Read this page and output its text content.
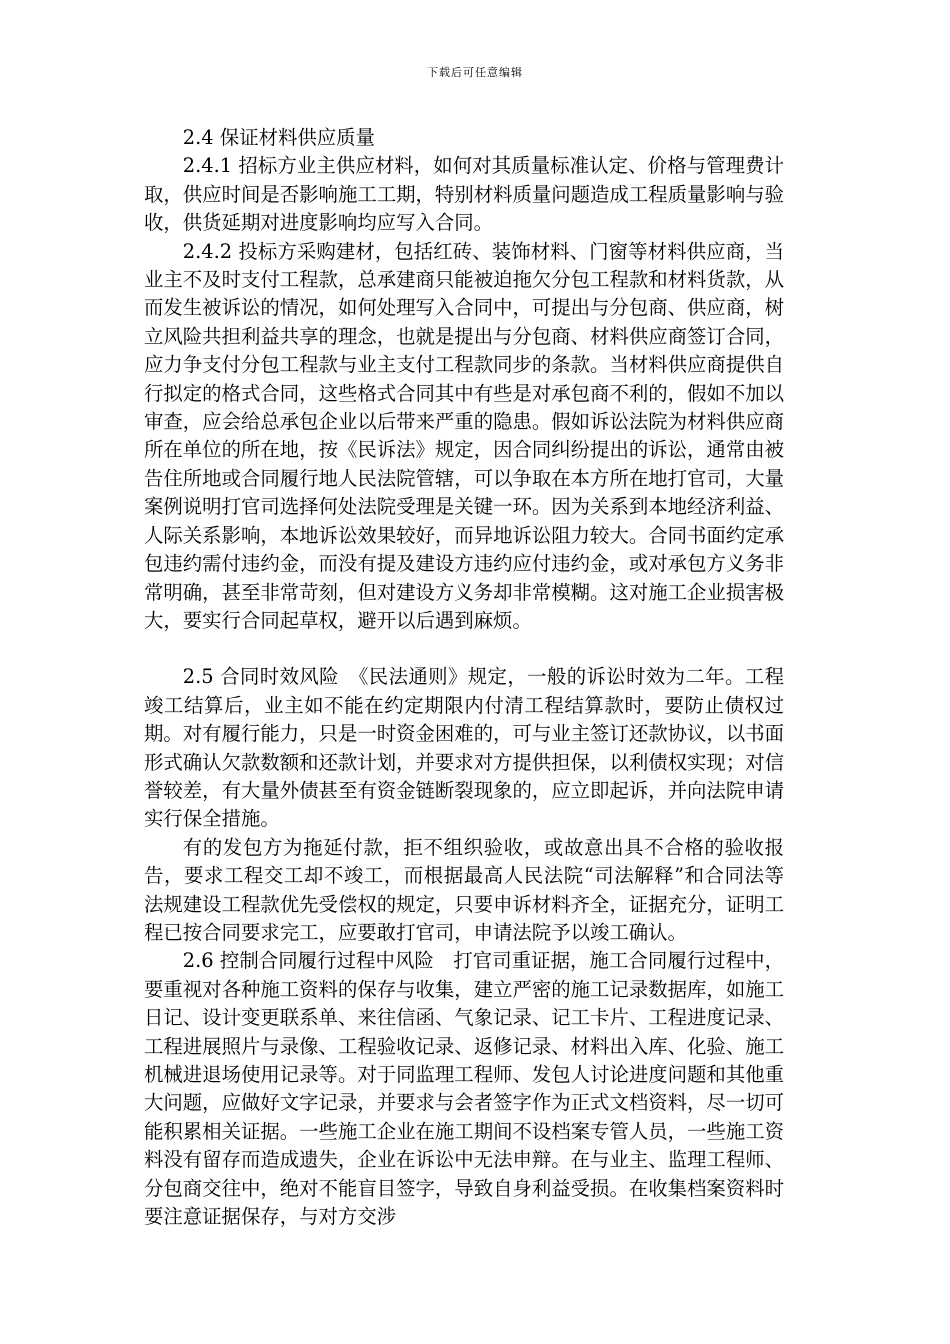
下载后可任意编辑

2.4 保证材料供应质量

2.4.1 招标方业主供应材料，如何对其质量标准认定、价格与管理费计取，供应时间是否影响施工工期，特别材料质量问题造成工程质量影响与验收，供货延期对进度影响均应写入合同。

2.4.2 投标方采购建材，包括红砖、装饰材料、门窗等材料供应商，当业主不及时支付工程款，总承建商只能被迫拖欠分包工程款和材料货款，从而发生被诉讼的情况，如何处理写入合同中，可提出与分包商、供应商，树立风险共担利益共享的理念，也就是提出与分包商、材料供应商签订合同，应力争支付分包工程款与业主支付工程款同步的条款。当材料供应商提供自行拟定的格式合同，这些格式合同其中有些是对承包商不利的，假如不加以审查，应会给总承包企业以后带来严重的隐患。假如诉讼法院为材料供应商所在单位的所在地，按《民诉法》规定，因合同纠纷提出的诉讼，通常由被告住所地或合同履行地人民法院管辖，可以争取在本方所在地打官司，大量案例说明打官司选择何处法院受理是关键一环。因为关系到本地经济利益、人际关系影响，本地诉讼效果较好，而异地诉讼阻力较大。合同书面约定承包违约需付违约金，而没有提及建设方违约应付违约金，或对承包方义务非常明确，甚至非常苛刻，但对建设方义务却非常模糊。这对施工企业损害极大，要实行合同起草权，避开以后遇到麻烦。

2.5 合同时效风险　《民法通则》规定，一般的诉讼时效为二年。工程竣工结算后，业主如不能在约定期限内付清工程结算款时，要防止债权过期。对有履行能力，只是一时资金困难的，可与业主签订还款协议，以书面形式确认欠款数额和还款计划，并要求对方提供担保，以利债权实现；对信誉较差，有大量外债甚至有资金链断裂现象的，应立即起诉，并向法院申请实行保全措施。

有的发包方为拖延付款，拒不组织验收，或故意出具不合格的验收报告，要求工程交工却不竣工，而根据最高人民法院“司法解释”和合同法等法规建设工程款优先受偿权的规定，只要申诉材料齐全，证据充分，证明工程已按合同要求完工，应要敢打官司，申请法院予以竣工确认。

2.6 控制合同履行过程中风险　打官司重证据，施工合同履行过程中，要重视对各种施工资料的保存与收集，建立严密的施工记录数据库，如施工日记、设计变更联系单、来往信函、气象记录、记工卡片、工程进度记录、工程进展照片与录像、工程验收记录、返修记录、材料出入库、化验、施工机械进退场使用记录等。对于同监理工程师、发包人讨论进度问题和其他重大问题，应做好文字记录，并要求与会者签字作为正式文档资料，尽一切可能积累相关证据。一些施工企业在施工期间不设档案专管人员，一些施工资料没有留存而造成遗失，企业在诉讼中无法申辩。在与业主、监理工程师、分包商交往中，绝对不能盲目签字，导致自身利益受损。在收集档案资料时要注意证据保存，与对方交涉
